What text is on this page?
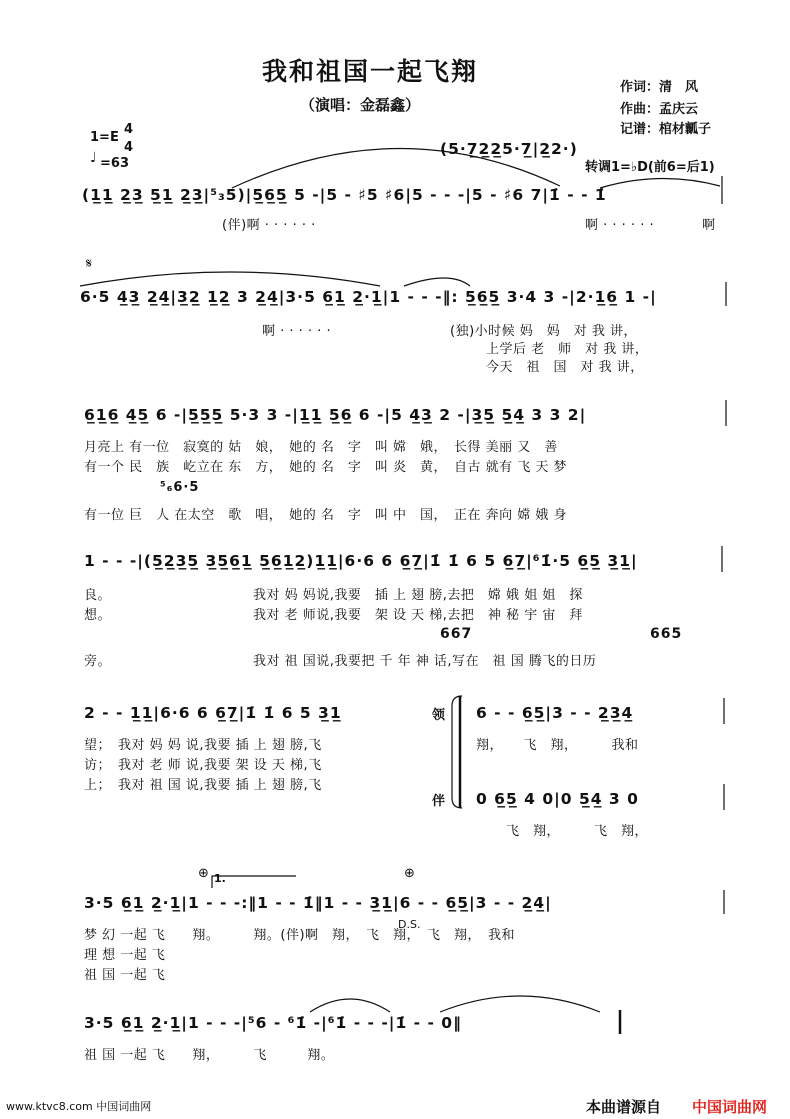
我和祖国一起飞翔
（演唱：金磊鑫）
作词：清　风
作曲：孟庆云
记谱：棺材瓤子
1=E
4
4
♩ =63
(5·7̲2̲2̲5·7̲|2̲2·)
转调1=♭D(前6=后1)
(1̲1̲ 2̲3̲ 5̲1̲ 2̲3̲|⁵₃5)|5̲6̲5̲ 5 -|5 - ♯5 ♯6|5 - - -|5 - ♯6 7|1̇ - - 1̇
(伴)啊 · · · · · ·	啊 · · · · · ·	啊
𝄋
6·5 4̲3̲ 2̲4̲|3̲2̲ 1̲2̲ 3 2̲4̲|3·5 6̲1̲ 2̲·1̲|1 - - -‖: 5̲6̲5̲ 3·4 3 -|2·1̲6̲ 1 -|
啊 · · · · · ·	(独)小时候 妈　妈　对 我 讲，
上学后 老　师　对 我 讲，
今天　祖　国　对 我 讲，
6̲1̲6̲ 4̲5̲ 6 -|5̲5̲5̲ 5·3 3 -|1̲1̲ 5̲6̲ 6 -|5 4̲3̲ 2 -|3̲5̲ 5̲4̲ 3 3 2|
月亮上 有一位　寂寞的 姑　娘，　她的 名　字　叫 嫦　娥，　长得 美丽 又　善
有一个 民　族　屹立在 东　方，　她的 名　字　叫 炎　黄，　自古 就有 飞 天 梦
⁵₆6·5
有一位 巨　人 在太空　歌　唱，　她的 名　字　叫 中　国，　正在 奔向 嫦 娥 身
1 - - -|(5̲2̲3̲5̲ 3̲5̲6̲1̲ 5̲6̲1̲2̲)1̲1̲|6·6 6 6̲7̲|1̇ 1̇ 6 5 6̲7̲|⁶1̇·5 6̲5̲ 3̲1̲|
良。　　　　　　　　　　　我对 妈 妈说,我要　插 上 翅 膀,去把　嫦 娥 姐 姐　探
想。　　　　　　　　　　　我对 老 师说,我要　架 设 天 梯,去把　神 秘 宇 宙　拜
667	665
旁。　　　　　　　　　　　我对 祖 国说,我要把 千 年 神 话,写在　祖 国 腾飞的日历
2 - - 1̲1̲|6·6 6 6̲7̲|1̇ 1̇ 6 5 3̲1̲	领
伴
6 - - 6̲5̲|3 - - 2̲3̲4̲
翔，　　飞　翔，　　　我和
0 6̲5̲ 4 0|0 5̲4̲ 3 0
飞　翔，　　　飞　翔，
望；　我对 妈 妈 说,我要 插 上 翅 膀,飞
访；　我对 老 师 说,我要 架 设 天 梯,飞
上；　我对 祖 国 说,我要 插 上 翅 膀,飞
1.
⊕	⊕
3·5 6̲1̲ 2̲·1̲|1 - - -:‖1 - - 1̇‖1 - - 3̲1̲|6 - - 6̲5̲|3 - - 2̲4̲|
D.S.
梦 幻 一起 飞　　翔。　　　翔。(伴)啊　翔，　飞　翔，　飞　翔，　我和
理 想 一起 飞
祖 国 一起 飞
3·5 6̲1̲ 2̲·1̲|1 - - -|⁵6 - ⁶1̇ -|⁶1̇ - - -|1̇ - - 0‖
祖 国 一起 飞　　翔，　　　飞　　　翔。
www.ktvc8.com 中国词曲网	本曲谱源自 中国词曲网
